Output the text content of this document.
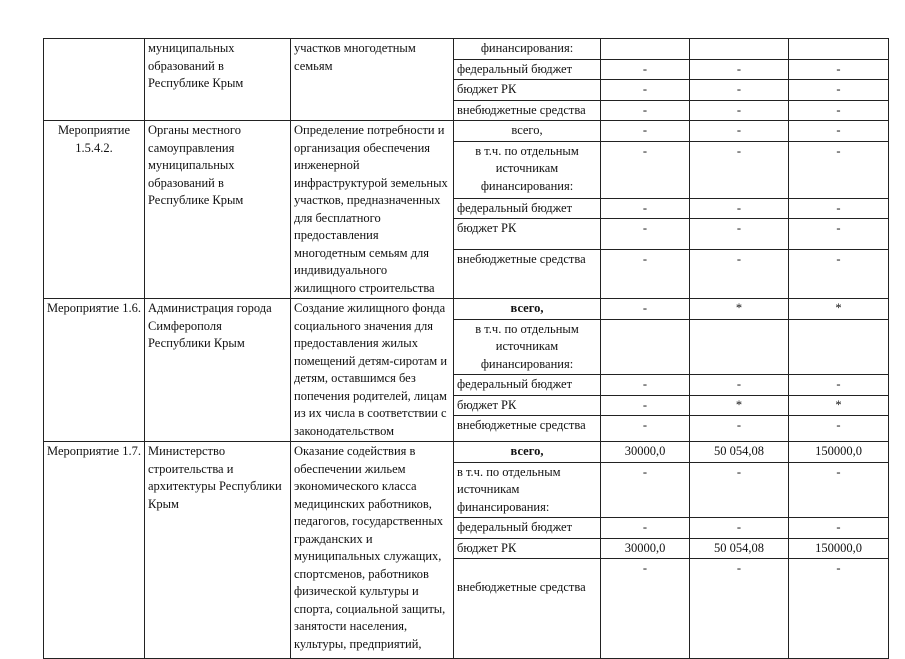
	муниципальных образований в Республике Крым	участков многодетным семьям	финансирования:			
			федеральный бюджет	-	-	-
			бюджет РК	-	-	-
			внебюджетные средства	-	-	-
Мероприятие 1.5.4.2.	Органы местного самоуправления муниципальных образований в Республике Крым	Определение потребности и организация обеспечения инженерной инфраструктурой земельных участков, предназначенных для бесплатного предоставления многодетным семьям для индивидуального жилищного строительства	всего,	-	-	-
			в т.ч. по отдельным источникам финансирования:	-	-	-
			федеральный бюджет	-	-	-
			бюджет РК	-	-	-
			внебюджетные средства	-	-	-
Мероприятие 1.6.	Администрация города Симферополя Республики Крым	Создание жилищного фонда социального значения для предоставления жилых помещений детям-сиротам и детям, оставшимся без попечения родителей, лицам из их числа в соответствии с законодательством	всего,	-	*	*
			в т.ч. по отдельным источникам финансирования:			
			федеральный бюджет	-	-	-
			бюджет РК	-	*	*
			внебюджетные средства	-	-	-
Мероприятие 1.7.	Министерство строительства и архитектуры Республики Крым	Оказание содействия в обеспечении жильем экономического класса медицинских работников, педагогов, государственных гражданских и муниципальных служащих, спортсменов, работников физической культуры и спорта, социальной защиты, занятости населения, культуры, предприятий,	всего,	30000,0	50 054,08	150000,0
			в т.ч. по отдельным источникам финансирования:	-	-	-
			федеральный бюджет	-	-	-
			бюджет РК	30000,0	50 054,08	150000,0
			внебюджетные средства	-	-	-
